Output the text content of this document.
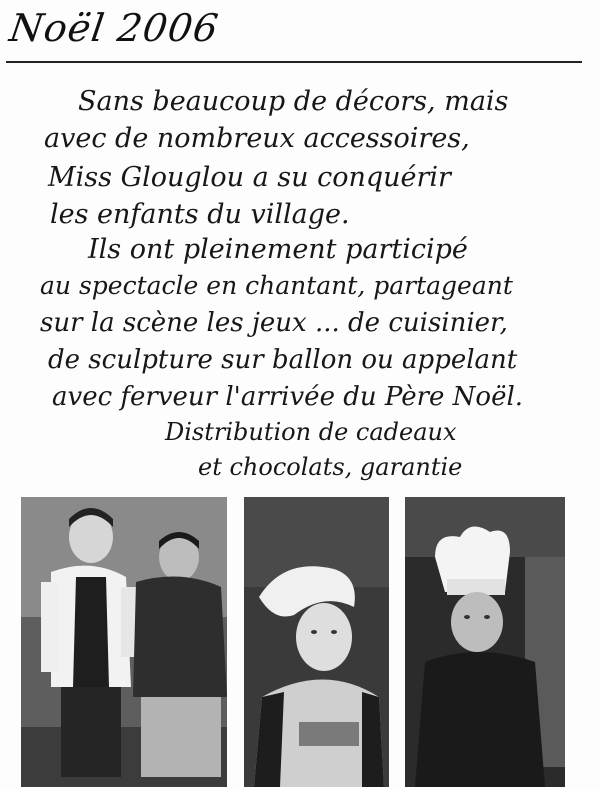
Noël 2006
Sans beaucoup de décors, mais
avec de nombreux accessoires,
Miss Glouglou a su conquérir
les enfants du village.
Ils ont pleinement participé
au spectacle en chantant, partageant
sur la scène les jeux ... de cuisinier,
de sculpture sur ballon ou appelant
avec ferveur l'arrivée du Père Noël.
Distribution de cadeaux
et chocolats, garantie
